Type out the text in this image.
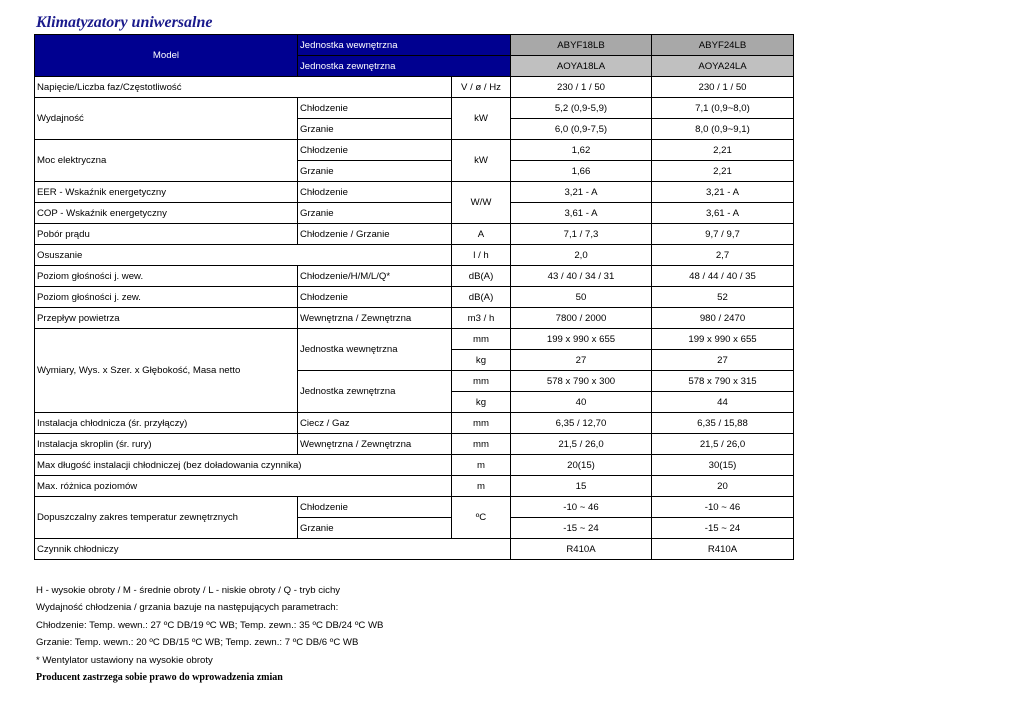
Klimatyzatory uniwersalne
Model	Jednostka wewnętrzna		ABYF18LB	ABYF24LB
	Jednostka zewnętrzna		AOYA18LA	AOYA24LA
Napięcie/Liczba faz/Częstotliwość		V / ø / Hz	230 / 1 / 50	230 / 1 / 50
Wydajność	Chłodzenie	kW	5,2 (0,9-5,9)	7,1 (0,9~8,0)
	Grzanie		6,0 (0,9-7,5)	8,0 (0,9~9,1)
Moc elektryczna	Chłodzenie	kW	1,62	2,21
	Grzanie		1,66	2,21
EER - Wskaźnik energetyczny	Chłodzenie	W/W	3,21 - A	3,21 - A
COP - Wskaźnik energetyczny	Grzanie		3,61 - A	3,61 - A
Pobór prądu	Chłodzenie / Grzanie	A	7,1 / 7,3	9,7 / 9,7
Osuszanie		l / h	2,0	2,7
Poziom głośności j. wew.	Chłodzenie/H/M/L/Q*	dB(A)	43 / 40 / 34 / 31	48 / 44 / 40 / 35
Poziom głośności j. zew.	Chłodzenie	dB(A)	50	52
Przepływ powietrza	Wewnętrzna / Zewnętrzna	m3 / h	7800 / 2000	980 / 2470
Wymiary, Wys. x Szer. x Głębokość, Masa netto	Jednostka wewnętrzna	mm	199 x 990 x 655	199 x 990 x 655
		kg	27	27
	Jednostka zewnętrzna	mm	578 x 790 x 300	578 x 790 x 315
		kg	40	44
Instalacja chłodnicza (śr. przyłączy)	Ciecz / Gaz	mm	6,35 / 12,70	6,35 / 15,88
Instalacja skroplin (śr. rury)	Wewnętrzna / Zewnętrzna	mm	21,5 / 26,0	21,5 / 26,0
Max długość instalacji chłodniczej (bez doładowania czynnika)		m	20(15)	30(15)
Max. różnica poziomów		m	15	20
Dopuszczalny zakres temperatur zewnętrznych	Chłodzenie	ºC	-10 ~ 46	-10 ~ 46
	Grzanie		-15 ~ 24	-15 ~ 24
Czynnik chłodniczy			R410A	R410A
H - wysokie obroty / M - średnie obroty / L - niskie obroty / Q - tryb cichy
Wydajność chłodzenia / grzania bazuje na następujących parametrach:
Chłodzenie: Temp. wewn.: 27 ºC DB/19 ºC WB; Temp. zewn.: 35 ºC DB/24 ºC WB
Grzanie: Temp. wewn.: 20 ºC DB/15 ºC WB; Temp. zewn.: 7 ºC DB/6 ºC WB
* Wentylator ustawiony na wysokie obroty
Producent zastrzega sobie prawo do wprowadzenia zmian
